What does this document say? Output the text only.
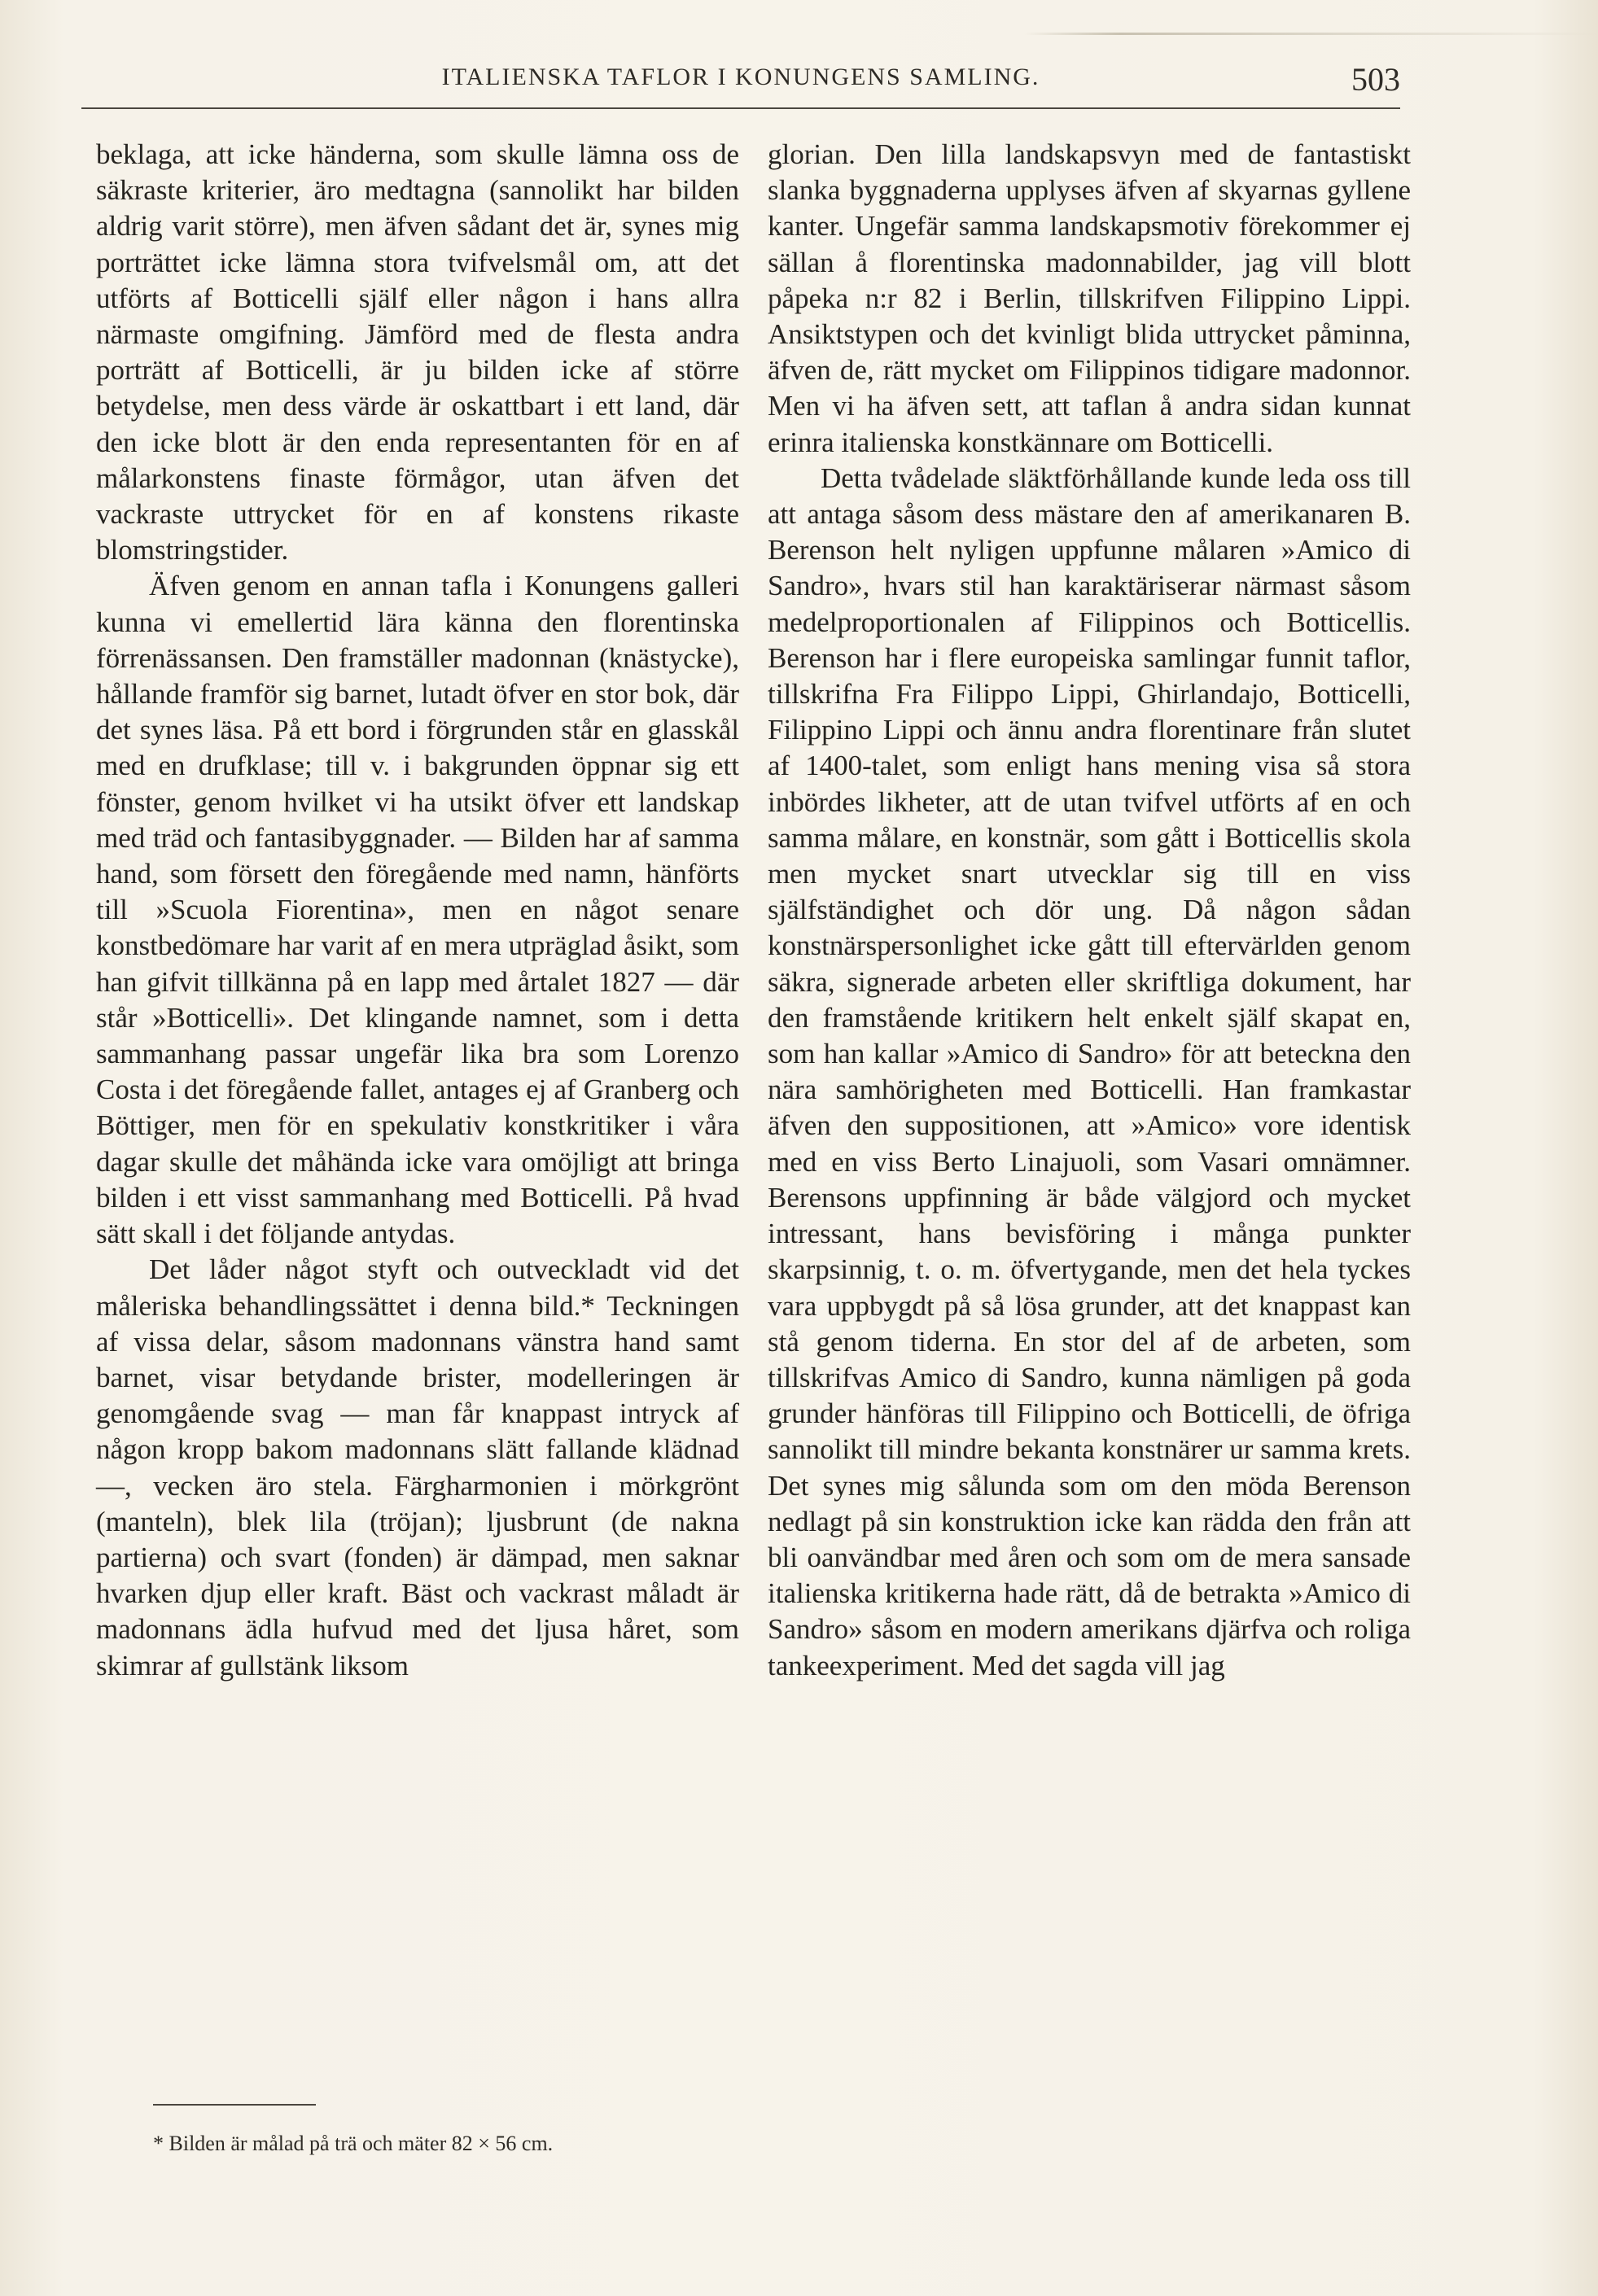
ITALIENSKA TAFLOR I KONUNGENS SAMLING.	503

beklaga, att icke händerna, som skulle lämna oss de säkraste kriterier, äro medtagna (sannolikt har bilden aldrig varit större), men äfven sådant det är, synes mig porträttet icke lämna stora tvifvelsmål om, att det utförts af Botticelli själf eller någon i hans allra närmaste omgifning. Jämförd med de flesta andra porträtt af Botticelli, är ju bilden icke af större betydelse, men dess värde är oskattbart i ett land, där den icke blott är den enda representanten för en af målarkonstens finaste förmågor, utan äfven det vackraste uttrycket för en af konstens rikaste blomstringstider.

Äfven genom en annan tafla i Konungens galleri kunna vi emellertid lära känna den florentinska förrenässansen. Den framställer madonnan (knästycke), hållande framför sig barnet, lutadt öfver en stor bok, där det synes läsa. På ett bord i förgrunden står en glasskål med en drufklase; till v. i bakgrunden öppnar sig ett fönster, genom hvilket vi ha utsikt öfver ett landskap med träd och fantasibyggnader. — Bilden har af samma hand, som försett den föregående med namn, hänförts till »Scuola Fiorentina», men en något senare konstbedömare har varit af en mera utpräglad åsikt, som han gifvit tillkänna på en lapp med årtalet 1827 — där står »Botticelli». Det klingande namnet, som i detta sammanhang passar ungefär lika bra som Lorenzo Costa i det föregående fallet, antages ej af Granberg och Böttiger, men för en spekulativ konstkritiker i våra dagar skulle det måhända icke vara omöjligt att bringa bilden i ett visst sammanhang med Botticelli. På hvad sätt skall i det följande antydas.

Det låder något styft och outveckladt vid det måleriska behandlingssättet i denna bild.* Teckningen af vissa delar, såsom madonnans vänstra hand samt barnet, visar betydande brister, modelleringen är genomgående svag — man får knappast intryck af någon kropp bakom madonnans slätt fallande klädnad —, vecken äro stela. Färgharmonien i mörkgrönt (manteln), blek lila (tröjan); ljusbrunt (de nakna partierna) och svart (fonden) är dämpad, men saknar hvarken djup eller kraft. Bäst och vackrast måladt är madonnans ädla hufvud med det ljusa håret, som skimrar af gullstänk liksom

glorian. Den lilla landskapsvyn med de fantastiskt slanka byggnaderna upplyses äfven af skyarnas gyllene kanter. Ungefär samma landskapsmotiv förekommer ej sällan å florentinska madonnabilder, jag vill blott påpeka n:r 82 i Berlin, tillskrifven Filippino Lippi. Ansiktstypen och det kvinligt blida uttrycket påminna, äfven de, rätt mycket om Filippinos tidigare madonnor. Men vi ha äfven sett, att taflan å andra sidan kunnat erinra italienska konstkännare om Botticelli.

Detta tvådelade släktförhållande kunde leda oss till att antaga såsom dess mästare den af amerikanaren B. Berenson helt nyligen uppfunne målaren »Amico di Sandro», hvars stil han karaktäriserar närmast såsom medelproportionalen af Filippinos och Botticellis. Berenson har i flere europeiska samlingar funnit taflor, tillskrifna Fra Filippo Lippi, Ghirlandajo, Botticelli, Filippino Lippi och ännu andra florentinare från slutet af 1400-talet, som enligt hans mening visa så stora inbördes likheter, att de utan tvifvel utförts af en och samma målare, en konstnär, som gått i Botticellis skola men mycket snart utvecklar sig till en viss själfständighet och dör ung. Då någon sådan konstnärspersonlighet icke gått till eftervärlden genom säkra, signerade arbeten eller skriftliga dokument, har den framstående kritikern helt enkelt själf skapat en, som han kallar »Amico di Sandro» för att beteckna den nära samhörigheten med Botticelli. Han framkastar äfven den suppositionen, att »Amico» vore identisk med en viss Berto Linajuoli, som Vasari omnämner. Berensons uppfinning är både välgjord och mycket intressant, hans bevisföring i många punkter skarpsinnig, t. o. m. öfvertygande, men det hela tyckes vara uppbygdt på så lösa grunder, att det knappast kan stå genom tiderna. En stor del af de arbeten, som tillskrifvas Amico di Sandro, kunna nämligen på goda grunder hänföras till Filippino och Botticelli, de öfriga sannolikt till mindre bekanta konstnärer ur samma krets. Det synes mig sålunda som om den möda Berenson nedlagt på sin konstruktion icke kan rädda den från att bli oanvändbar med åren och som om de mera sansade italienska kritikerna hade rätt, då de betrakta »Amico di Sandro» såsom en modern amerikans djärfva och roliga tankeexperiment. Med det sagda vill jag

* Bilden är målad på trä och mäter 82 × 56 cm.
